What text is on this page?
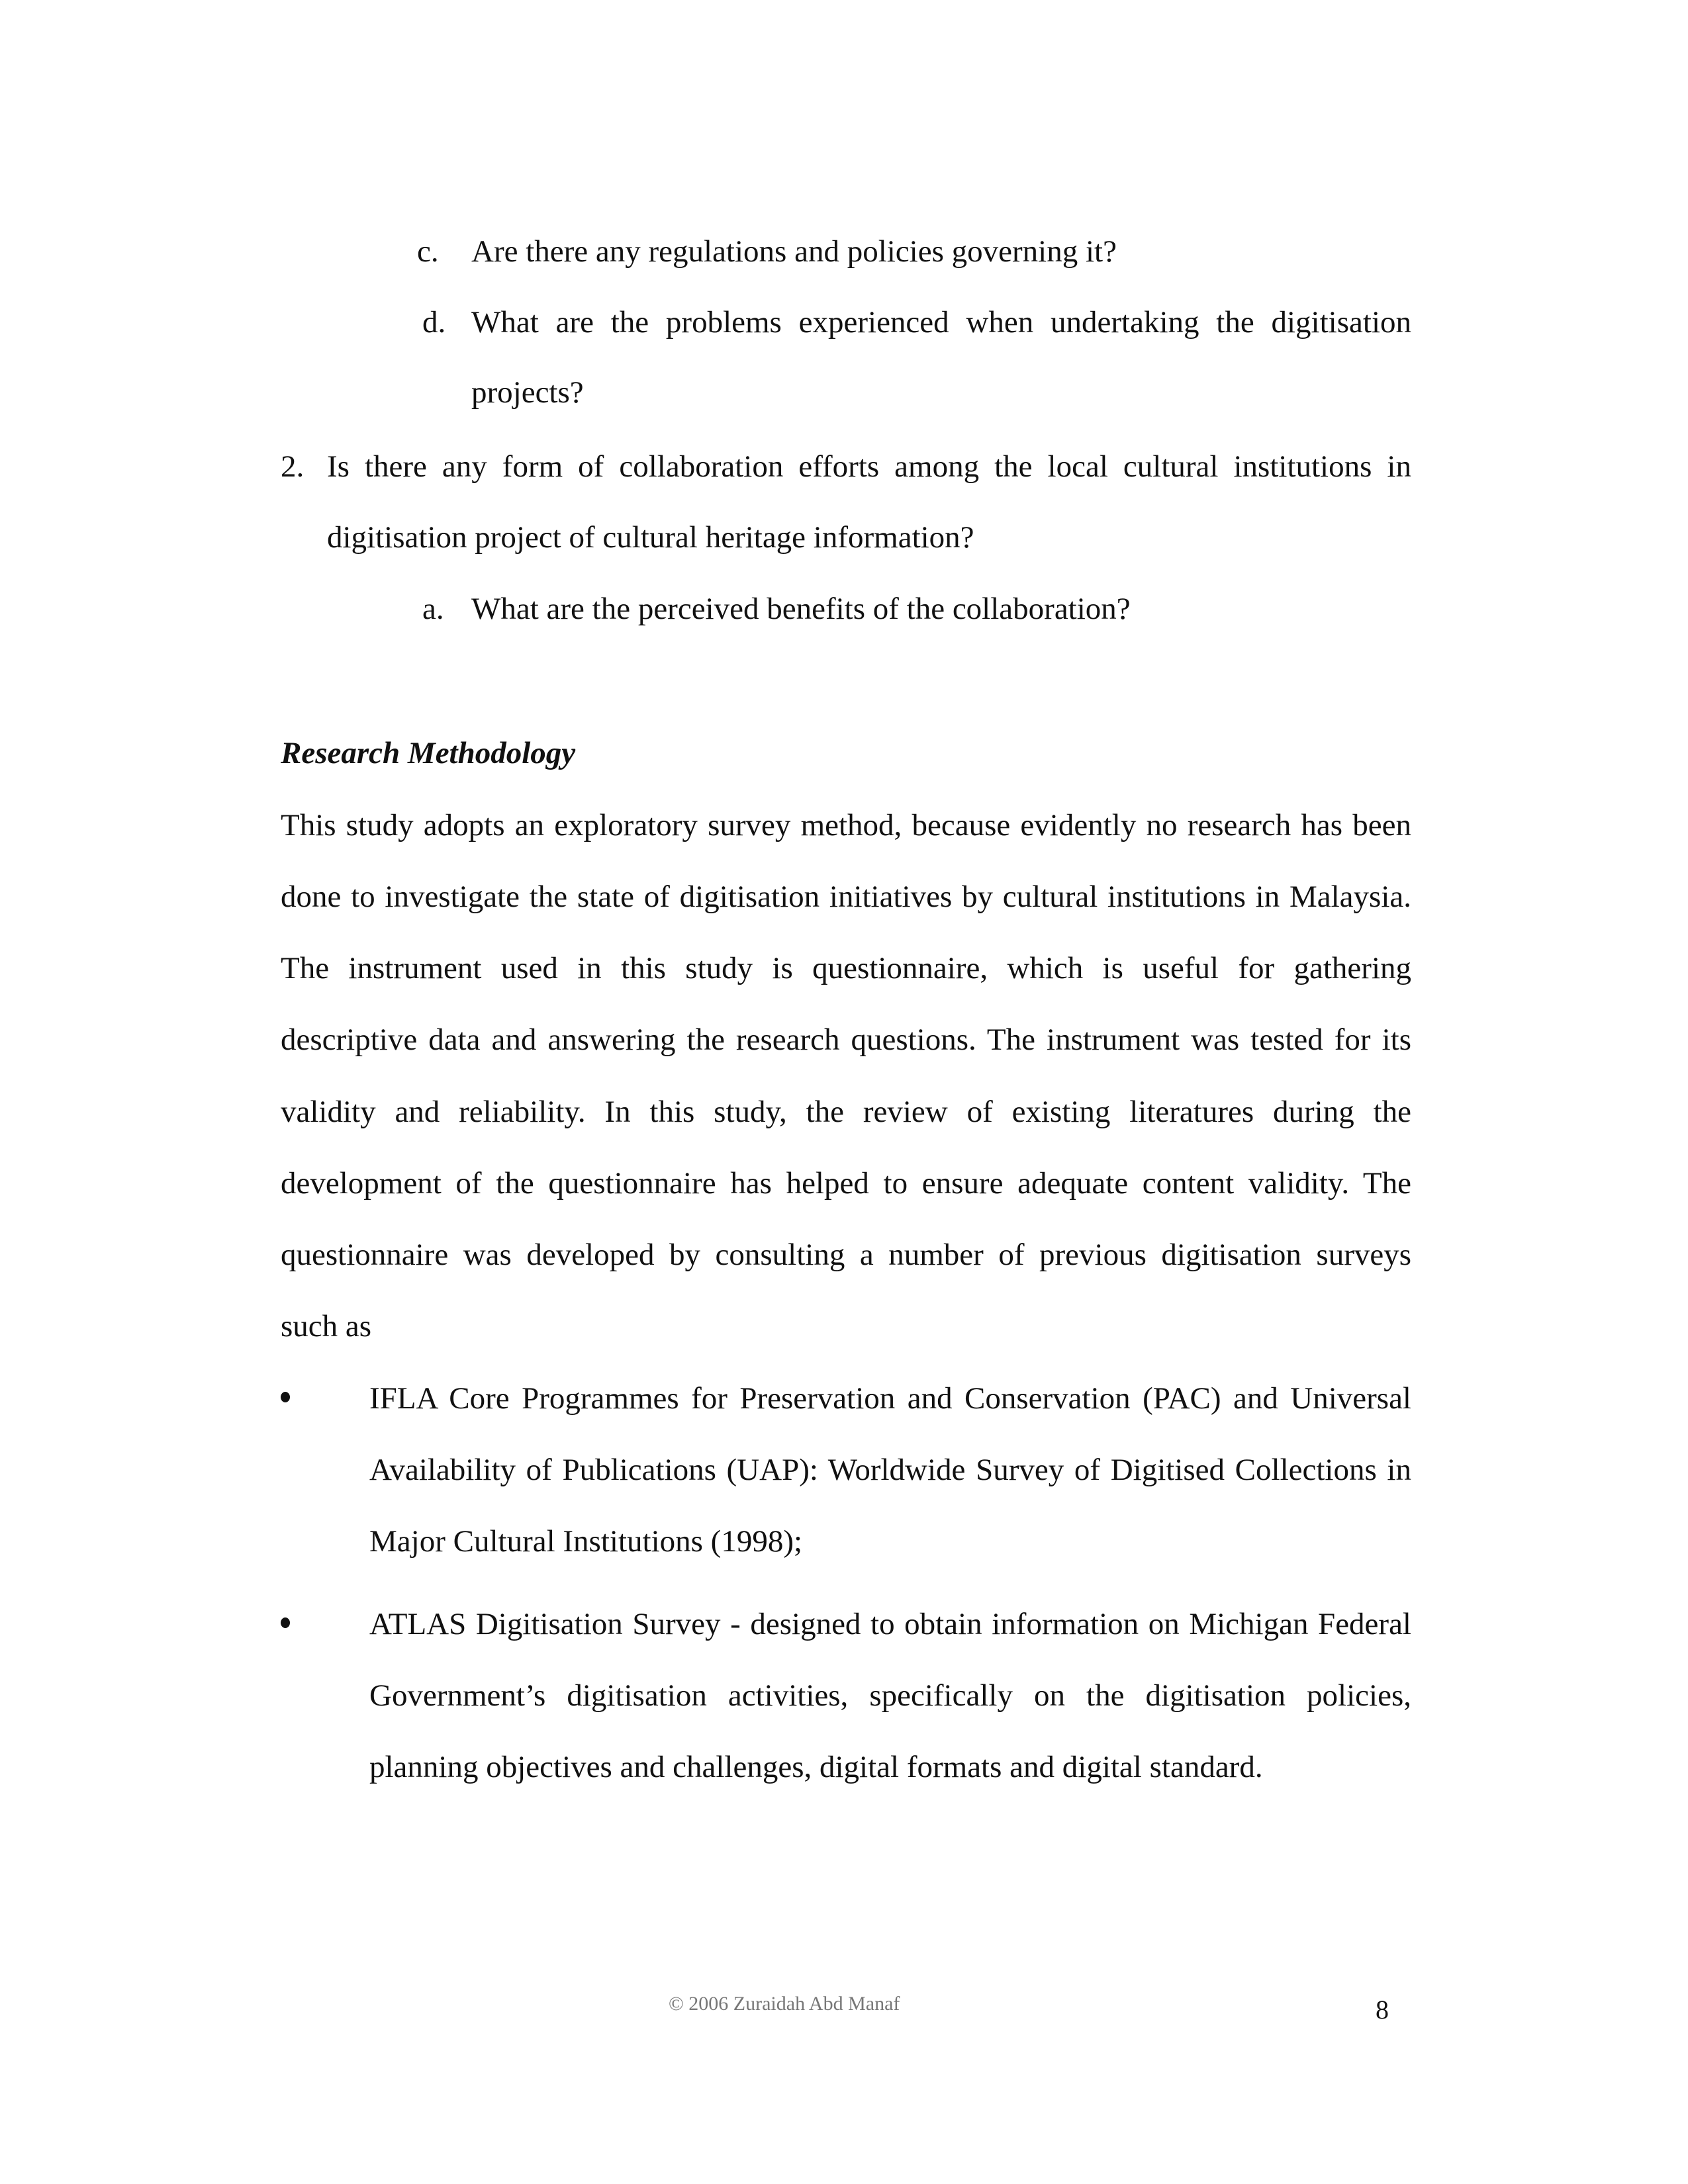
c. Are there any regulations and policies governing it?
d. What are the problems experienced when undertaking the digitisation
projects?
2. Is there any form of collaboration efforts among the local cultural institutions in
digitisation project of cultural heritage information?
a. What are the perceived benefits of the collaboration?
Research Methodology
This study adopts an exploratory survey method, because evidently no research has been
done to investigate the state of digitisation initiatives by cultural institutions in Malaysia.
The instrument used in this study is questionnaire, which is useful for gathering
descriptive data and answering the research questions. The instrument was tested for its
validity and reliability. In this study, the review of existing literatures during the
development of the questionnaire has helped to ensure adequate content validity. The
questionnaire was developed by consulting a number of previous digitisation surveys
such as
IFLA Core Programmes for Preservation and Conservation (PAC) and Universal
Availability of Publications (UAP): Worldwide Survey of Digitised Collections in
Major Cultural Institutions (1998);
ATLAS Digitisation Survey - designed to obtain information on Michigan Federal
Government’s digitisation activities, specifically on the digitisation policies,
planning objectives and challenges, digital formats and digital standard.
© 2006 Zuraidah Abd Manaf	8
